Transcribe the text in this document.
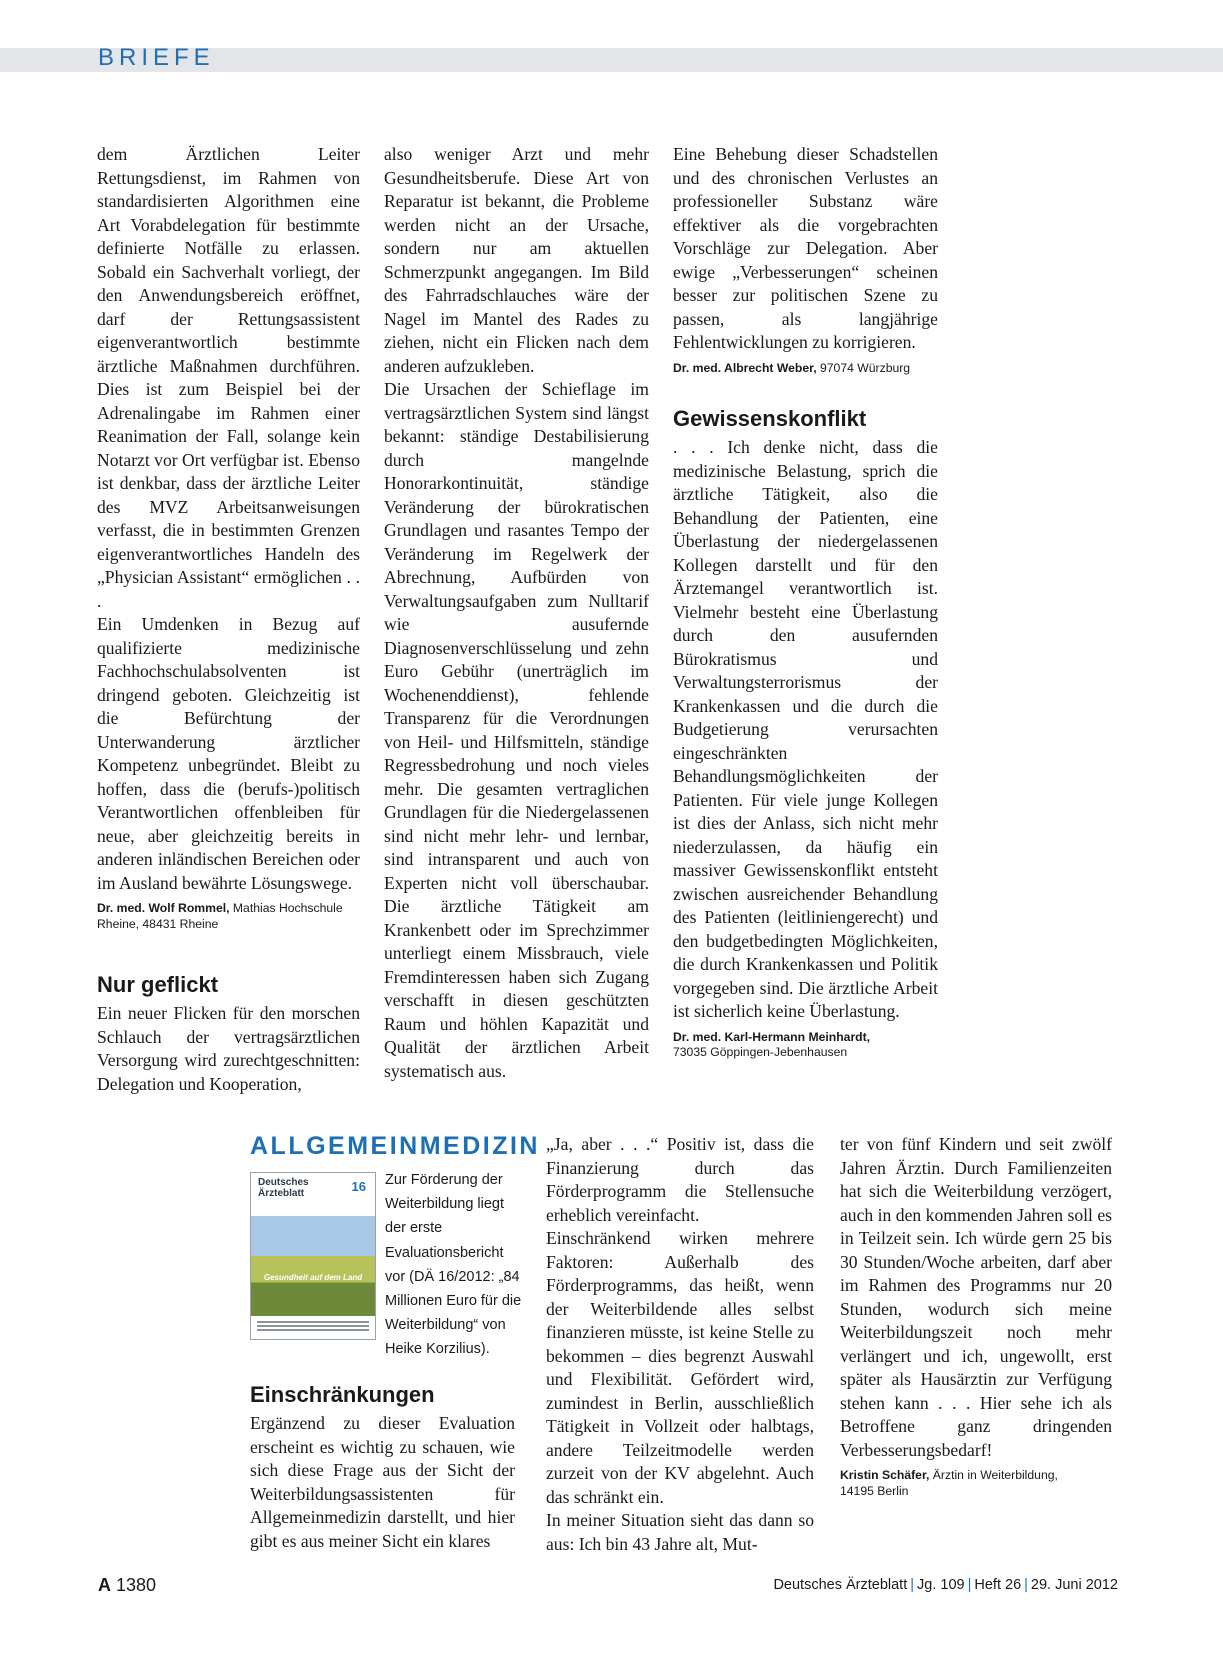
BRIEFE

dem Ärztlichen Leiter Rettungsdienst, im Rahmen von standardisierten Algorithmen eine Art Vorabdelegation für bestimmte definierte Notfälle zu erlassen. Sobald ein Sachverhalt vorliegt, der den Anwendungsbereich eröffnet, darf der Rettungsassistent eigenverantwortlich bestimmte ärztliche Maßnahmen durchführen. Dies ist zum Beispiel bei der Adrenalingabe im Rahmen einer Reanimation der Fall, solange kein Notarzt vor Ort verfügbar ist. Ebenso ist denkbar, dass der ärztliche Leiter des MVZ Arbeitsanweisungen verfasst, die in bestimmten Grenzen eigenverantwortliches Handeln des „Physician Assistant“ ermöglichen . . .

Ein Umdenken in Bezug auf qualifizierte medizinische Fachhochschulabsolventen ist dringend geboten. Gleichzeitig ist die Befürchtung der Unterwanderung ärztlicher Kompetenz unbegründet. Bleibt zu hoffen, dass die (berufs-)politisch Verantwortlichen offenbleiben für neue, aber gleichzeitig bereits in anderen inländischen Bereichen oder im Ausland bewährte Lösungswege.

Dr. med. Wolf Rommel, Mathias Hochschule
Rheine, 48431 Rheine
Nur geflickt

Ein neuer Flicken für den morschen Schlauch der vertragsärztlichen Versorgung wird zurechtgeschnitten: Delegation und Kooperation,

also weniger Arzt und mehr Gesundheitsberufe. Diese Art von Reparatur ist bekannt, die Probleme werden nicht an der Ursache, sondern nur am aktuellen Schmerzpunkt angegangen. Im Bild des Fahrradschlauches wäre der Nagel im Mantel des Rades zu ziehen, nicht ein Flicken nach dem anderen aufzukleben.

Die Ursachen der Schieflage im vertragsärztlichen System sind längst bekannt: ständige Destabilisierung durch mangelnde Honorarkontinuität, ständige Veränderung der bürokratischen Grundlagen und rasantes Tempo der Veränderung im Regelwerk der Abrechnung, Aufbürden von Verwaltungsaufgaben zum Nulltarif wie ausufernde Diagnosenverschlüsselung und zehn Euro Gebühr (unerträglich im Wochenenddienst), fehlende Transparenz für die Verordnungen von Heil- und Hilfsmitteln, ständige Regressbedrohung und noch vieles mehr. Die gesamten vertraglichen Grundlagen für die Niedergelassenen sind nicht mehr lehr- und lernbar, sind intransparent und auch von Experten nicht voll überschaubar. Die ärztliche Tätigkeit am Krankenbett oder im Sprechzimmer unterliegt einem Missbrauch, viele Fremdinteressen haben sich Zugang verschafft in diesen geschützten Raum und höhlen Kapazität und Qualität der ärztlichen Arbeit systematisch aus.

Eine Behebung dieser Schadstellen und des chronischen Verlustes an professioneller Substanz wäre effektiver als die vorgebrachten Vorschläge zur Delegation. Aber ewige „Verbesserungen“ scheinen besser zur politischen Szene zu passen, als langjährige Fehlentwicklungen zu korrigieren.

Dr. med. Albrecht Weber, 97074 Würzburg
Gewissenskonflikt

. . . Ich denke nicht, dass die medizinische Belastung, sprich die ärztliche Tätigkeit, also die Behandlung der Patienten, eine Überlastung der niedergelassenen Kollegen darstellt und für den Ärztemangel verantwortlich ist. Vielmehr besteht eine Überlastung durch den ausufernden Bürokratismus und Verwaltungsterrorismus der Krankenkassen und die durch die Budgetierung verursachten eingeschränkten Behandlungsmöglichkeiten der Patienten. Für viele junge Kollegen ist dies der Anlass, sich nicht mehr niederzulassen, da häufig ein massiver Gewissenskonflikt entsteht zwischen ausreichender Behandlung des Patienten (leitliniengerecht) und den budgetbedingten Möglichkeiten, die durch Krankenkassen und Politik vorgegeben sind. Die ärztliche Arbeit ist sicherlich keine Überlastung.

Dr. med. Karl-Hermann Meinhardt,
73035 Göppingen-Jebenhausen
ALLGEMEINMEDIZIN
Deutsches Ärzteblatt	16
Gesundheit auf dem Land
Zur Förderung der Weiterbildung liegt der erste Evaluationsbericht vor (DÄ 16/2012: „84 Millionen Euro für die Weiterbildung“ von Heike Korzilius).
Einschränkungen

Ergänzend zu dieser Evaluation erscheint es wichtig zu schauen, wie sich diese Frage aus der Sicht der Weiterbildungsassistenten für Allgemeinmedizin darstellt, und hier gibt es aus meiner Sicht ein klares

„Ja, aber . . .“ Positiv ist, dass die Finanzierung durch das Förderprogramm die Stellensuche erheblich vereinfacht.

Einschränkend wirken mehrere Faktoren: Außerhalb des Förderprogramms, das heißt, wenn der Weiterbildende alles selbst finanzieren müsste, ist keine Stelle zu bekommen – dies begrenzt Auswahl und Flexibilität. Gefördert wird, zumindest in Berlin, ausschließlich Tätigkeit in Vollzeit oder halbtags, andere Teilzeitmodelle werden zurzeit von der KV abgelehnt. Auch das schränkt ein.

In meiner Situation sieht das dann so aus: Ich bin 43 Jahre alt, Mut-

ter von fünf Kindern und seit zwölf Jahren Ärztin. Durch Familienzeiten hat sich die Weiterbildung verzögert, auch in den kommenden Jahren soll es in Teilzeit sein. Ich würde gern 25 bis 30 Stunden/Woche arbeiten, darf aber im Rahmen des Programms nur 20 Stunden, wodurch sich meine Weiterbildungszeit noch mehr verlängert und ich, ungewollt, erst später als Hausärztin zur Verfügung stehen kann . . . Hier sehe ich als Betroffene ganz dringenden Verbesserungsbedarf!

Kristin Schäfer, Ärztin in Weiterbildung,
14195 Berlin
A 1380	Deutsches Ärzteblatt | Jg. 109 | Heft 26 | 29. Juni 2012
